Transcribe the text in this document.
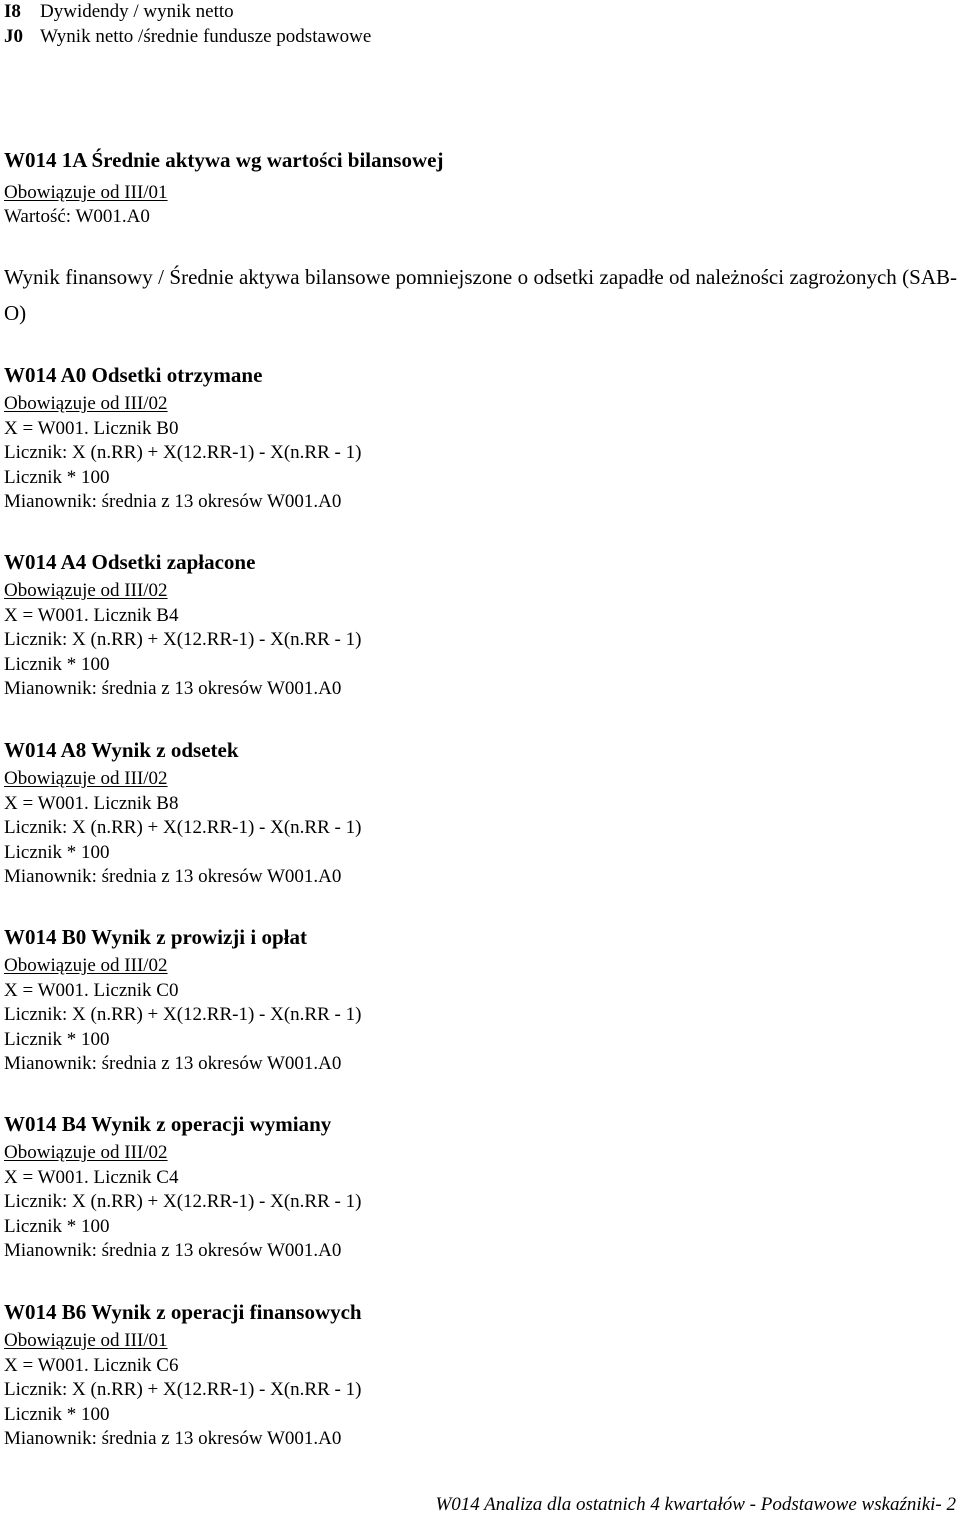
I8 Dywidendy / wynik netto
J0 Wynik netto /średnie fundusze podstawowe
W014 1A Średnie aktywa wg wartości bilansowej
Obowiązuje od III/01
Wartość: W001.A0
Wynik finansowy / Średnie aktywa bilansowe pomniejszone o odsetki zapadłe od należności zagrożonych (SAB-O)
W014 A0 Odsetki otrzymane
Obowiązuje od III/02
X = W001. Licznik B0
Licznik: X (n.RR) + X(12.RR-1) - X(n.RR - 1)
Licznik * 100
Mianownik: średnia z 13 okresów W001.A0
W014 A4 Odsetki zapłacone
Obowiązuje od III/02
X = W001. Licznik B4
Licznik: X (n.RR) + X(12.RR-1) - X(n.RR - 1)
Licznik * 100
Mianownik: średnia z 13 okresów W001.A0
W014 A8 Wynik z odsetek
Obowiązuje od III/02
X = W001. Licznik B8
Licznik: X (n.RR) + X(12.RR-1) - X(n.RR - 1)
Licznik * 100
Mianownik: średnia z 13 okresów W001.A0
W014 B0 Wynik z prowizji i opłat
Obowiązuje od III/02
X = W001. Licznik C0
Licznik: X (n.RR) + X(12.RR-1) - X(n.RR - 1)
Licznik * 100
Mianownik: średnia z 13 okresów W001.A0
W014 B4 Wynik z operacji wymiany
Obowiązuje od III/02
X = W001. Licznik C4
Licznik: X (n.RR) + X(12.RR-1) - X(n.RR - 1)
Licznik * 100
Mianownik: średnia z 13 okresów W001.A0
W014 B6 Wynik z operacji finansowych
Obowiązuje od III/01
X = W001. Licznik C6
Licznik: X (n.RR) + X(12.RR-1) - X(n.RR - 1)
Licznik * 100
Mianownik: średnia z 13 okresów W001.A0
W014 Analiza dla ostatnich 4 kwartałów - Podstawowe wskaźniki- 2
